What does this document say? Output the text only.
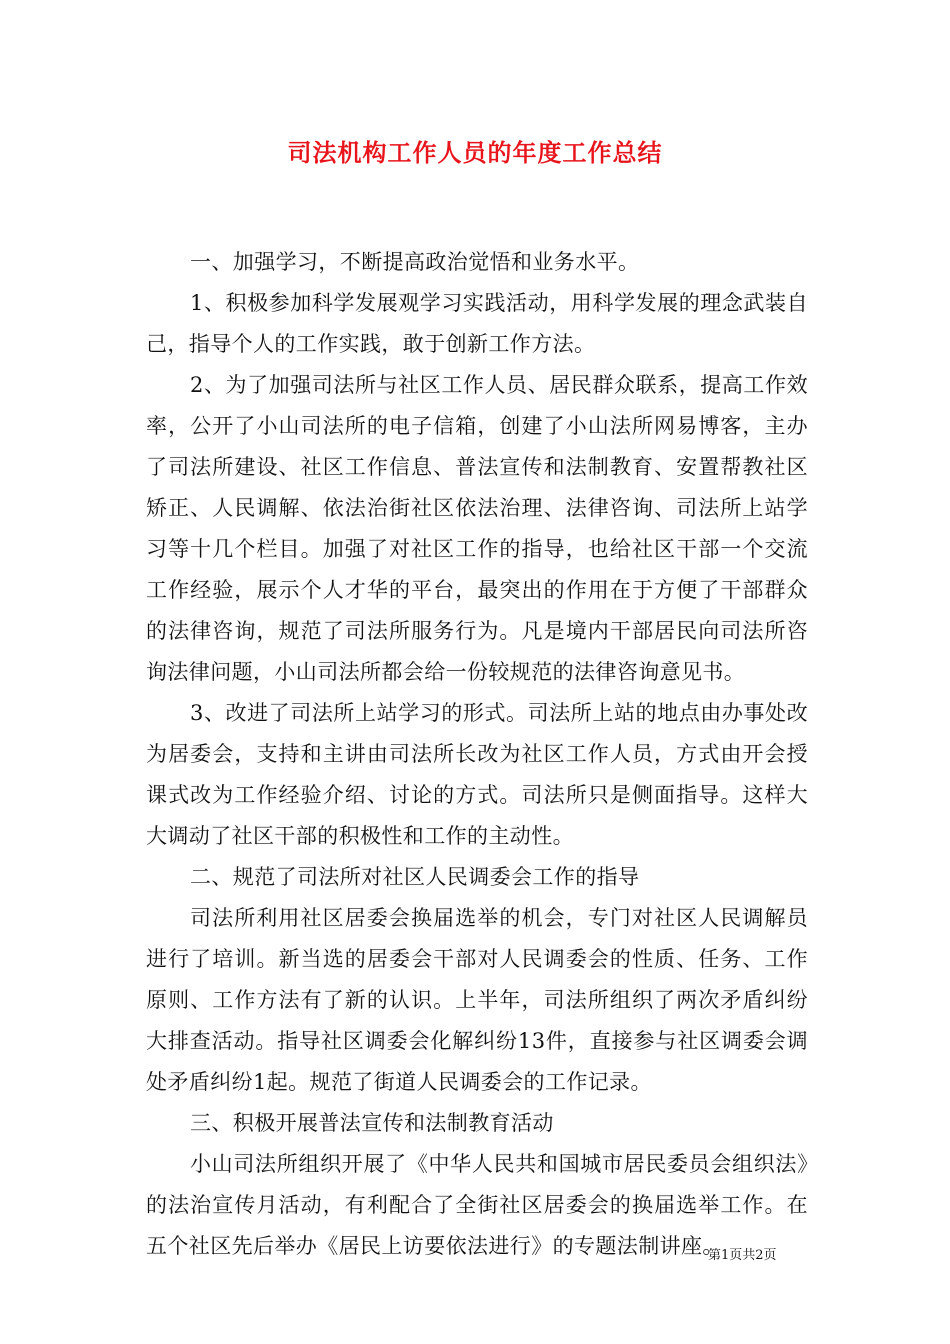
司法机构工作人员的年度工作总结

一、加强学习，不断提高政治觉悟和业务水平。

1、积极参加科学发展观学习实践活动，用科学发展的理念武装自己，指导个人的工作实践，敢于创新工作方法。

2、为了加强司法所与社区工作人员、居民群众联系，提高工作效率，公开了小山司法所的电子信箱，创建了小山法所网易博客，主办了司法所建设、社区工作信息、普法宣传和法制教育、安置帮教社区矫正、人民调解、依法治街社区依法治理、法律咨询、司法所上站学习等十几个栏目。加强了对社区工作的指导，也给社区干部一个交流工作经验，展示个人才华的平台，最突出的作用在于方便了干部群众的法律咨询，规范了司法所服务行为。凡是境内干部居民向司法所咨询法律问题，小山司法所都会给一份较规范的法律咨询意见书。

3、改进了司法所上站学习的形式。司法所上站的地点由办事处改为居委会，支持和主讲由司法所长改为社区工作人员，方式由开会授课式改为工作经验介绍、讨论的方式。司法所只是侧面指导。这样大大调动了社区干部的积极性和工作的主动性。

二、规范了司法所对社区人民调委会工作的指导

司法所利用社区居委会换届选举的机会，专门对社区人民调解员进行了培训。新当选的居委会干部对人民调委会的性质、任务、工作原则、工作方法有了新的认识。上半年，司法所组织了两次矛盾纠纷大排查活动。指导社区调委会化解纠纷13件，直接参与社区调委会调处矛盾纠纷1起。规范了街道人民调委会的工作记录。

三、积极开展普法宣传和法制教育活动

小山司法所组织开展了《中华人民共和国城市居民委员会组织法》的法治宣传月活动，有利配合了全街社区居委会的换届选举工作。在五个社区先后举办《居民上访要依法进行》的专题法制讲座。

第1页共2页
